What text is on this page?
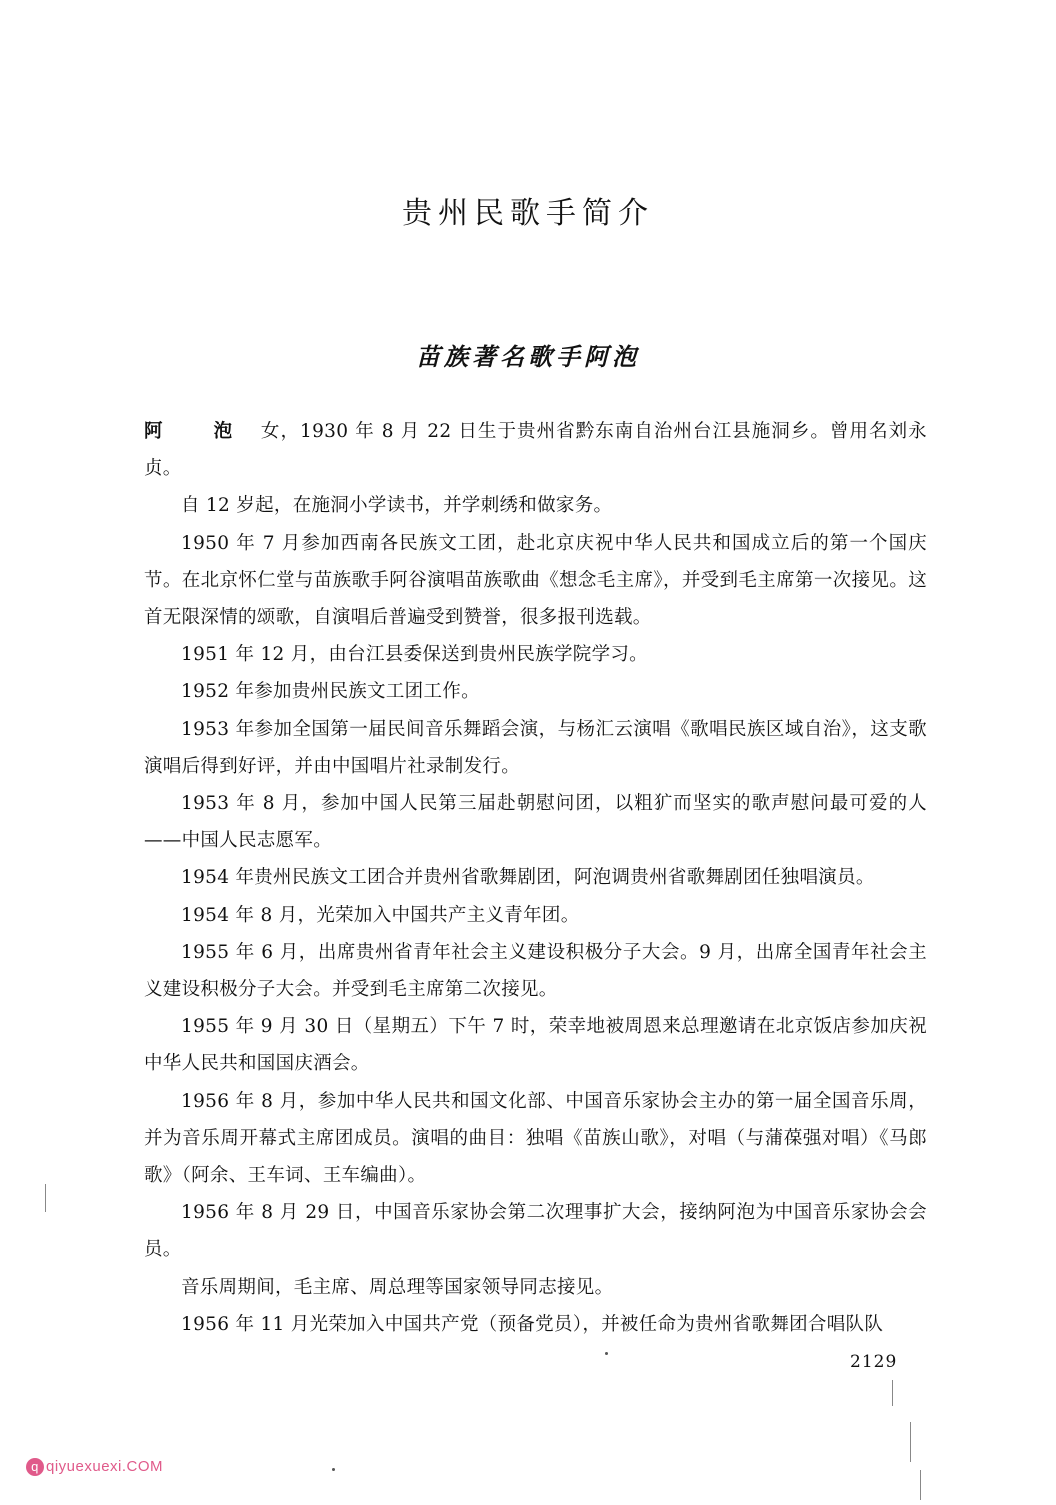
贵州民歌手简介
苗族著名歌手阿泡

阿  泡 女，1930 年 8 月 22 日生于贵州省黔东南自治州台江县施洞乡。曾用名刘永贞。

自 12 岁起，在施洞小学读书，并学刺绣和做家务。

1950 年 7 月参加西南各民族文工团，赴北京庆祝中华人民共和国成立后的第一个国庆节。在北京怀仁堂与苗族歌手阿谷演唱苗族歌曲《想念毛主席》，并受到毛主席第一次接见。这首无限深情的颂歌，自演唱后普遍受到赞誉，很多报刊选载。

1951 年 12 月，由台江县委保送到贵州民族学院学习。

1952 年参加贵州民族文工团工作。

1953 年参加全国第一届民间音乐舞蹈会演，与杨汇云演唱《歌唱民族区域自治》，这支歌演唱后得到好评，并由中国唱片社录制发行。

1953 年 8 月，参加中国人民第三届赴朝慰问团，以粗犷而坚实的歌声慰问最可爱的人——中国人民志愿军。

1954 年贵州民族文工团合并贵州省歌舞剧团，阿泡调贵州省歌舞剧团任独唱演员。

1954 年 8 月，光荣加入中国共产主义青年团。

1955 年 6 月，出席贵州省青年社会主义建设积极分子大会。9 月，出席全国青年社会主义建设积极分子大会。并受到毛主席第二次接见。

1955 年 9 月 30 日（星期五）下午 7 时，荣幸地被周恩来总理邀请在北京饭店参加庆祝中华人民共和国国庆酒会。

1956 年 8 月，参加中华人民共和国文化部、中国音乐家协会主办的第一届全国音乐周，并为音乐周开幕式主席团成员。演唱的曲目：独唱《苗族山歌》，对唱（与蒲葆强对唱）《马郎歌》（阿余、王车词、王车编曲）。

1956 年 8 月 29 日，中国音乐家协会第二次理事扩大会，接纳阿泡为中国音乐家协会会员。

音乐周期间，毛主席、周总理等国家领导同志接见。

1956 年 11 月光荣加入中国共产党（预备党员），并被任命为贵州省歌舞团合唱队队

2129
q qiyuexuexi.COM
